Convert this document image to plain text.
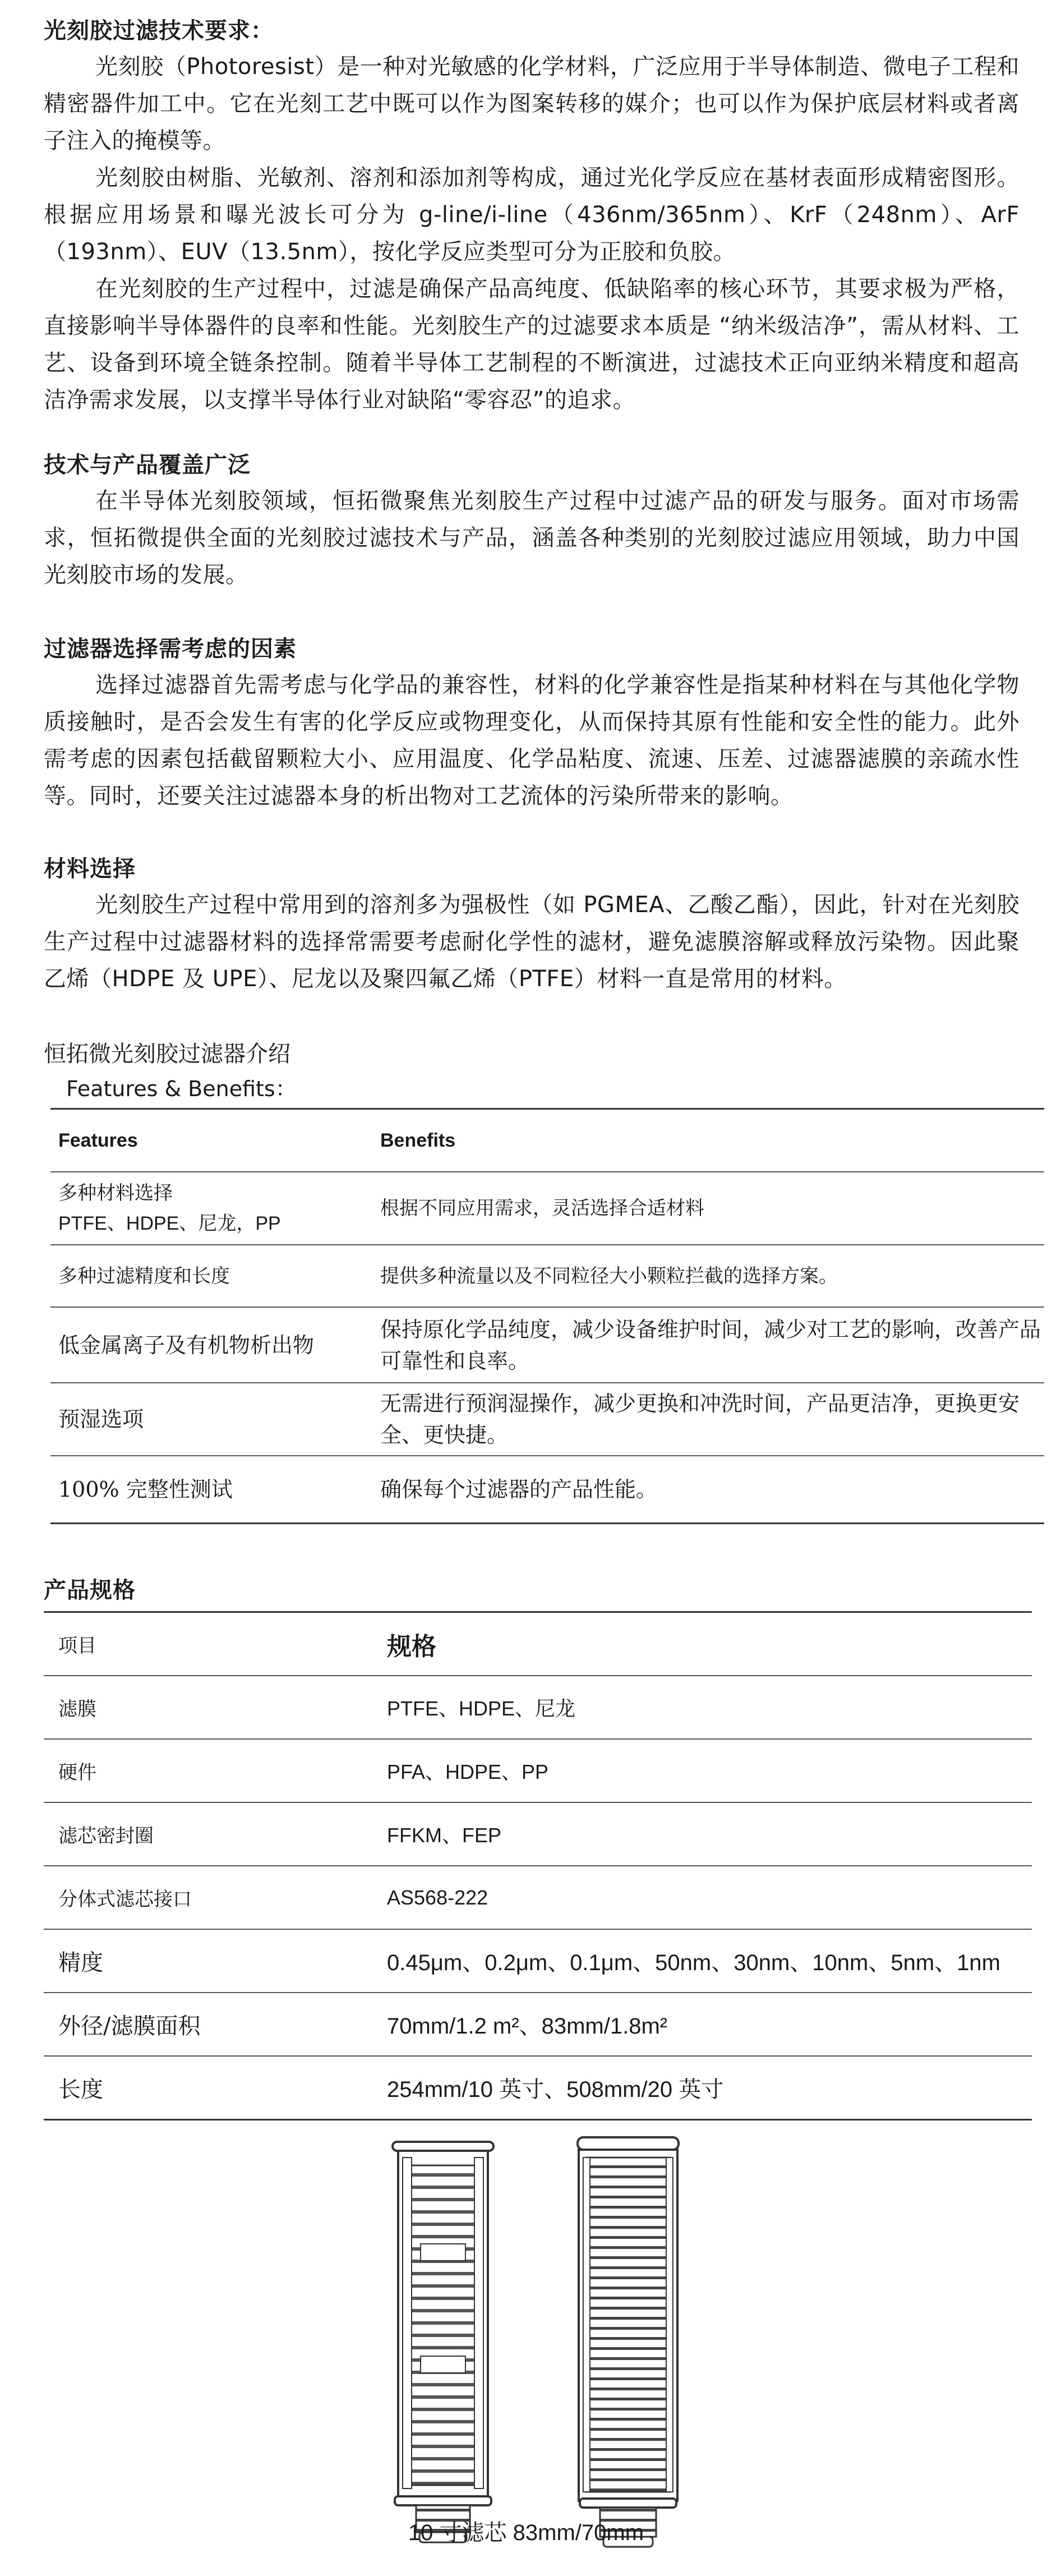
光刻胶过滤技术要求：

光刻胶（Photoresist）是一种对光敏感的化学材料，广泛应用于半导体制造、微电子工程和精密器件加工中。它在光刻工艺中既可以作为图案转移的媒介；也可以作为保护底层材料或者离子注入的掩模等。

光刻胶由树脂、光敏剂、溶剂和添加剂等构成，通过光化学反应在基材表面形成精密图形。根据应用场景和曝光波长可分为 g-line/i-line（436nm/365nm）、KrF（248nm）、ArF（193nm）、EUV（13.5nm），按化学反应类型可分为正胶和负胶。

在光刻胶的生产过程中，过滤是确保产品高纯度、低缺陷率的核心环节，其要求极为严格，直接影响半导体器件的良率和性能。光刻胶生产的过滤要求本质是 “纳米级洁净”，需从材料、工艺、设备到环境全链条控制。随着半导体工艺制程的不断演进，过滤技术正向亚纳米精度和超高洁净需求发展，以支撑半导体行业对缺陷“零容忍”的追求。

技术与产品覆盖广泛

在半导体光刻胶领域，恒拓微聚焦光刻胶生产过程中过滤产品的研发与服务。面对市场需求，恒拓微提供全面的光刻胶过滤技术与产品，涵盖各种类别的光刻胶过滤应用领域，助力中国光刻胶市场的发展。

过滤器选择需考虑的因素

选择过滤器首先需考虑与化学品的兼容性，材料的化学兼容性是指某种材料在与其他化学物质接触时，是否会发生有害的化学反应或物理变化，从而保持其原有性能和安全性的能力。此外需考虑的因素包括截留颗粒大小、应用温度、化学品粘度、流速、压差、过滤器滤膜的亲疏水性等。同时，还要关注过滤器本身的析出物对工艺流体的污染所带来的影响。

材料选择

光刻胶生产过程中常用到的溶剂多为强极性（如 PGMEA、乙酸乙酯），因此，针对在光刻胶生产过程中过滤器材料的选择常需要考虑耐化学性的滤材，避免滤膜溶解或释放污染物。因此聚乙烯（HDPE 及 UPE）、尼龙以及聚四氟乙烯（PTFE）材料一直是常用的材料。

恒拓微光刻胶过滤器介绍
Features & Benefits：
Features	Benefits

多种材料选择
PTFE、HDPE、尼龙，PP	根据不同应用需求，灵活选择合适材料
多种过滤精度和长度	提供多种流量以及不同粒径大小颗粒拦截的选择方案。
低金属离子及有机物析出物	保持原化学品纯度，减少设备维护时间，减少对工艺的影响，改善产品可靠性和良率。
预湿选项	无需进行预润湿操作，减少更换和冲洗时间，产品更洁净，更换更安全、更快捷。
100% 完整性测试	确保每个过滤器的产品性能。
产品规格
项目	规格
滤膜	PTFE、HDPE、尼龙
硬件	PFA、HDPE、PP
滤芯密封圈	FFKM、FEP
分体式滤芯接口	AS568-222
精度	0.45μm、0.2μm、0.1μm、50nm、30nm、10nm、5nm、1nm
外径/滤膜面积	70mm/1.2 m²、83mm/1.8m²
长度	254mm/10 英寸、508mm/20 英寸
10 寸滤芯 83mm/70mm
